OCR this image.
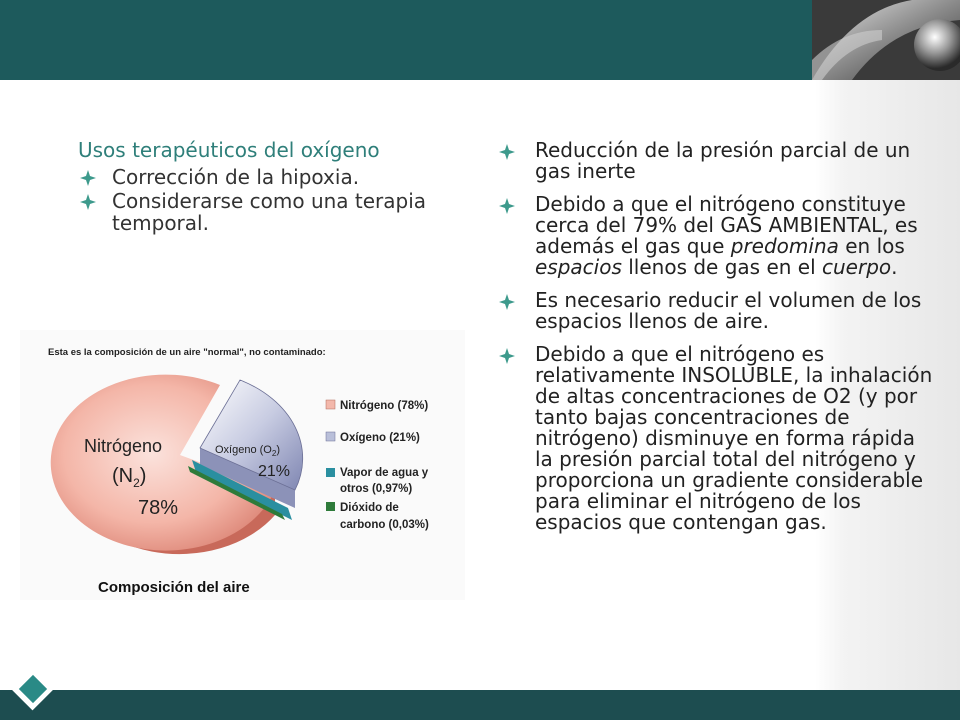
Usos terapéuticos del oxígeno
Corrección de la hipoxia.
Considerarse como una terapia temporal.
Reducción de la presión parcial de un gas inerte
Debido a que el nitrógeno constituye cerca del 79% del GAS AMBIENTAL, es además el gas que predomina en los espacios llenos de gas en el cuerpo.
Es necesario reducir el volumen de los espacios llenos de aire.
Debido a que el nitrógeno es relativamente INSOLUBLE, la inhalación de altas concentraciones de O2 (y por tanto bajas concentraciones de nitrógeno) disminuye en forma rápida la presión parcial total del nitrógeno y proporciona un gradiente considerable para eliminar el nitrógeno de los espacios que contengan gas.
Esta es la composición de un aire "normal", no contaminado:
Nitrógeno
$(N_2)$
78%
Oxígeno $(O_2)$
21%
Nitrógeno (78%)
Oxígeno (21%)
Vapor de agua y
otros (0,97%)
Dióxido de
carbono (0,03%)
Composición del aire
